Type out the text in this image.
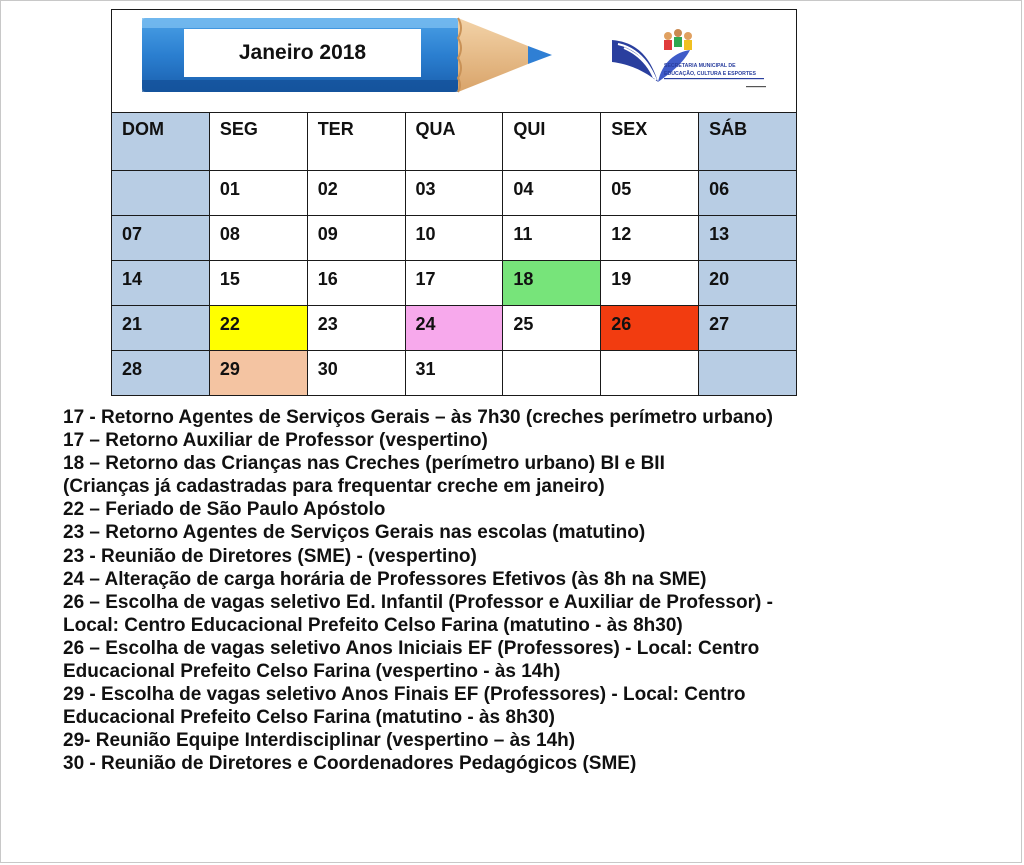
Janeiro 2018
SECRETARIA MUNICIPAL DE
EDUCAÇÃO, CULTURA E ESPORTES
DOM	SEG	TER	QUA	QUI	SEX	SÁB
	01	02	03	04	05	06
07	08	09	10	11	12	13
14	15	16	17	18	19	20
21	22	23	24	25	26	27
28	29	30	31			
17 - Retorno Agentes de Serviços Gerais – às 7h30 (creches perímetro urbano)
17 – Retorno Auxiliar de Professor (vespertino)
18 – Retorno das Crianças nas Creches (perímetro urbano) BI e BII
(Crianças já cadastradas para frequentar creche em janeiro)
22 – Feriado de São Paulo Apóstolo
23 – Retorno Agentes de Serviços Gerais nas escolas (matutino)
23 - Reunião de Diretores (SME) - (vespertino)
24 – Alteração de carga horária de Professores Efetivos (às 8h na SME)
26 – Escolha de vagas seletivo Ed. Infantil (Professor e Auxiliar de Professor) -
Local: Centro Educacional Prefeito Celso Farina (matutino - às 8h30)
26 – Escolha de vagas seletivo Anos Iniciais EF (Professores) - Local: Centro
Educacional Prefeito Celso Farina (vespertino - às 14h)
29 - Escolha de vagas seletivo Anos Finais EF (Professores) - Local: Centro
Educacional Prefeito Celso Farina (matutino - às 8h30)
29- Reunião Equipe Interdisciplinar (vespertino – às 14h)
30 - Reunião de Diretores e Coordenadores Pedagógicos (SME)
